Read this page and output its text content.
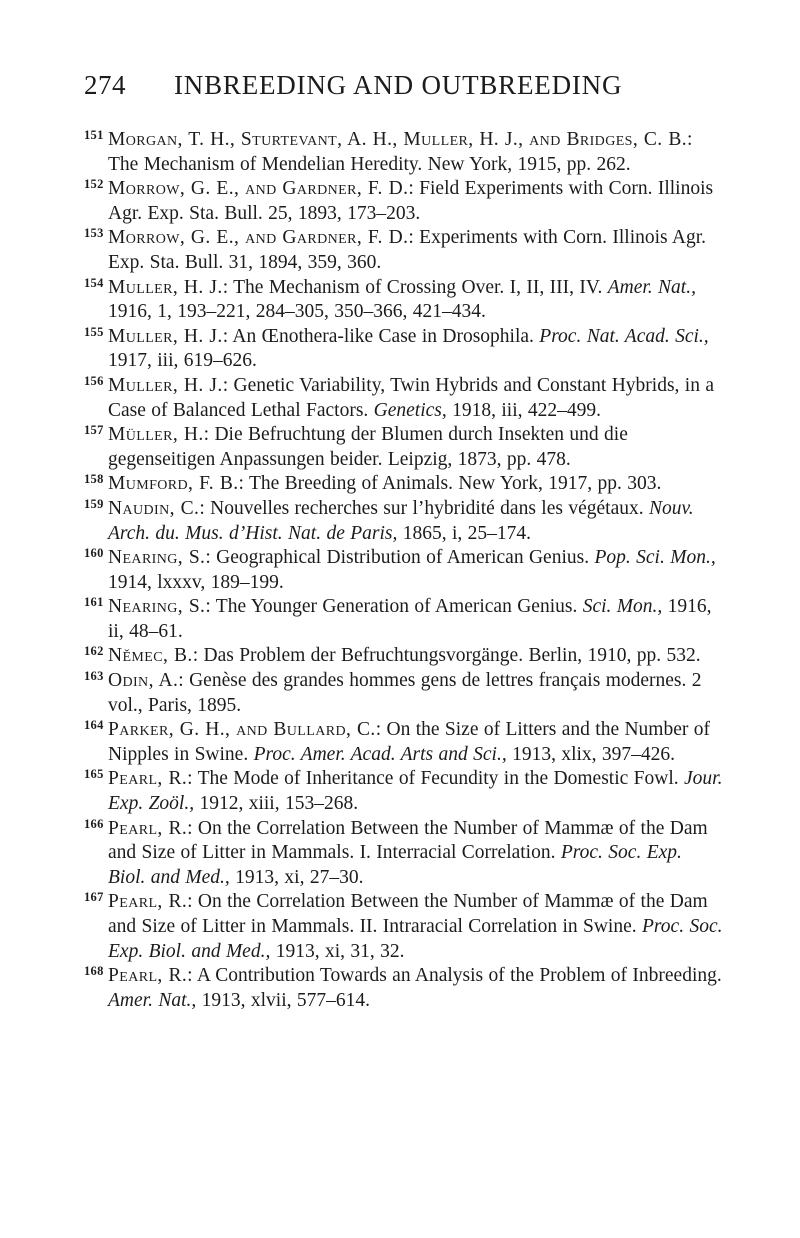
274 INBREEDING AND OUTBREEDING
151 Morgan, T. H., Sturtevant, A. H., Muller, H. J., and Bridges, C. B.: The Mechanism of Mendelian Heredity. New York, 1915, pp. 262.
152 Morrow, G. E., and Gardner, F. D.: Field Experiments with Corn. Illinois Agr. Exp. Sta. Bull. 25, 1893, 173–203.
153 Morrow, G. E., and Gardner, F. D.: Experiments with Corn. Illinois Agr. Exp. Sta. Bull. 31, 1894, 359, 360.
154 Muller, H. J.: The Mechanism of Crossing Over. I, II, III, IV. Amer. Nat., 1916, 1, 193–221, 284–305, 350–366, 421–434.
155 Muller, H. J.: An Œnothera-like Case in Drosophila. Proc. Nat. Acad. Sci., 1917, iii, 619–626.
156 Muller, H. J.: Genetic Variability, Twin Hybrids and Constant Hybrids, in a Case of Balanced Lethal Factors. Genetics, 1918, iii, 422–499.
157 Müller, H.: Die Befruchtung der Blumen durch Insekten und die gegenseitigen Anpassungen beider. Leipzig, 1873, pp. 478.
158 Mumford, F. B.: The Breeding of Animals. New York, 1917, pp. 303.
159 Naudin, C.: Nouvelles recherches sur l’hybridité dans les végétaux. Nouv. Arch. du. Mus. d’Hist. Nat. de Paris, 1865, i, 25–174.
160 Nearing, S.: Geographical Distribution of American Genius. Pop. Sci. Mon., 1914, lxxxv, 189–199.
161 Nearing, S.: The Younger Generation of American Genius. Sci. Mon., 1916, ii, 48–61.
162 Němec, B.: Das Problem der Befruchtungsvorgänge. Berlin, 1910, pp. 532.
163 Odin, A.: Genèse des grandes hommes gens de lettres français modernes. 2 vol., Paris, 1895.
164 Parker, G. H., and Bullard, C.: On the Size of Litters and the Number of Nipples in Swine. Proc. Amer. Acad. Arts and Sci., 1913, xlix, 397–426.
165 Pearl, R.: The Mode of Inheritance of Fecundity in the Domestic Fowl. Jour. Exp. Zoöl., 1912, xiii, 153–268.
166 Pearl, R.: On the Correlation Between the Number of Mammæ of the Dam and Size of Litter in Mammals. I. Interracial Correlation. Proc. Soc. Exp. Biol. and Med., 1913, xi, 27–30.
167 Pearl, R.: On the Correlation Between the Number of Mammæ of the Dam and Size of Litter in Mammals. II. Intraracial Correlation in Swine. Proc. Soc. Exp. Biol. and Med., 1913, xi, 31, 32.
168 Pearl, R.: A Contribution Towards an Analysis of the Problem of Inbreeding. Amer. Nat., 1913, xlvii, 577–614.
